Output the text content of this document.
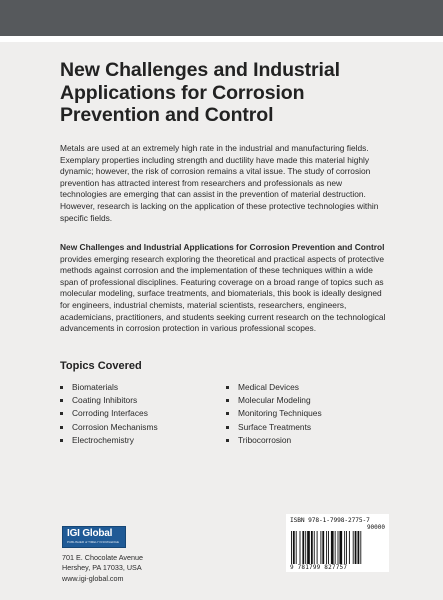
New Challenges and Industrial Applications for Corrosion Prevention and Control

Metals are used at an extremely high rate in the industrial and manufacturing fields. Exemplary properties including strength and ductility have made this material highly dynamic; however, the risk of corrosion remains a vital issue. The study of corrosion prevention has attracted interest from researchers and professionals as new technologies are emerging that can assist in the prevention of material destruction. However, research is lacking on the application of these protective technologies within specific fields.

New Challenges and Industrial Applications for Corrosion Prevention and Control provides emerging research exploring the theoretical and practical aspects of protective methods against corrosion and the implementation of these techniques within a wide span of professional disciplines. Featuring coverage on a broad range of topics such as molecular modeling, surface treatments, and biomaterials, this book is ideally designed for engineers, industrial chemists, material scientists, researchers, engineers, academicians, practitioners, and students seeking current research on the technological advancements in corrosion protection in various professional scopes.

Topics Covered
Biomaterials
Coating Inhibitors
Corroding Interfaces
Corrosion Mechanisms
Electrochemistry
Medical Devices
Molecular Modeling
Monitoring Techniques
Surface Treatments
Tribocorrosion
IGI Global
PUBLISHER of TIMELY KNOWLEDGE

701 E. Chocolate Avenue
Hershey, PA 17033, USA
www.igi-global.com

ISBN 978-1-7998-2775-7
90000
9 781799 827757
